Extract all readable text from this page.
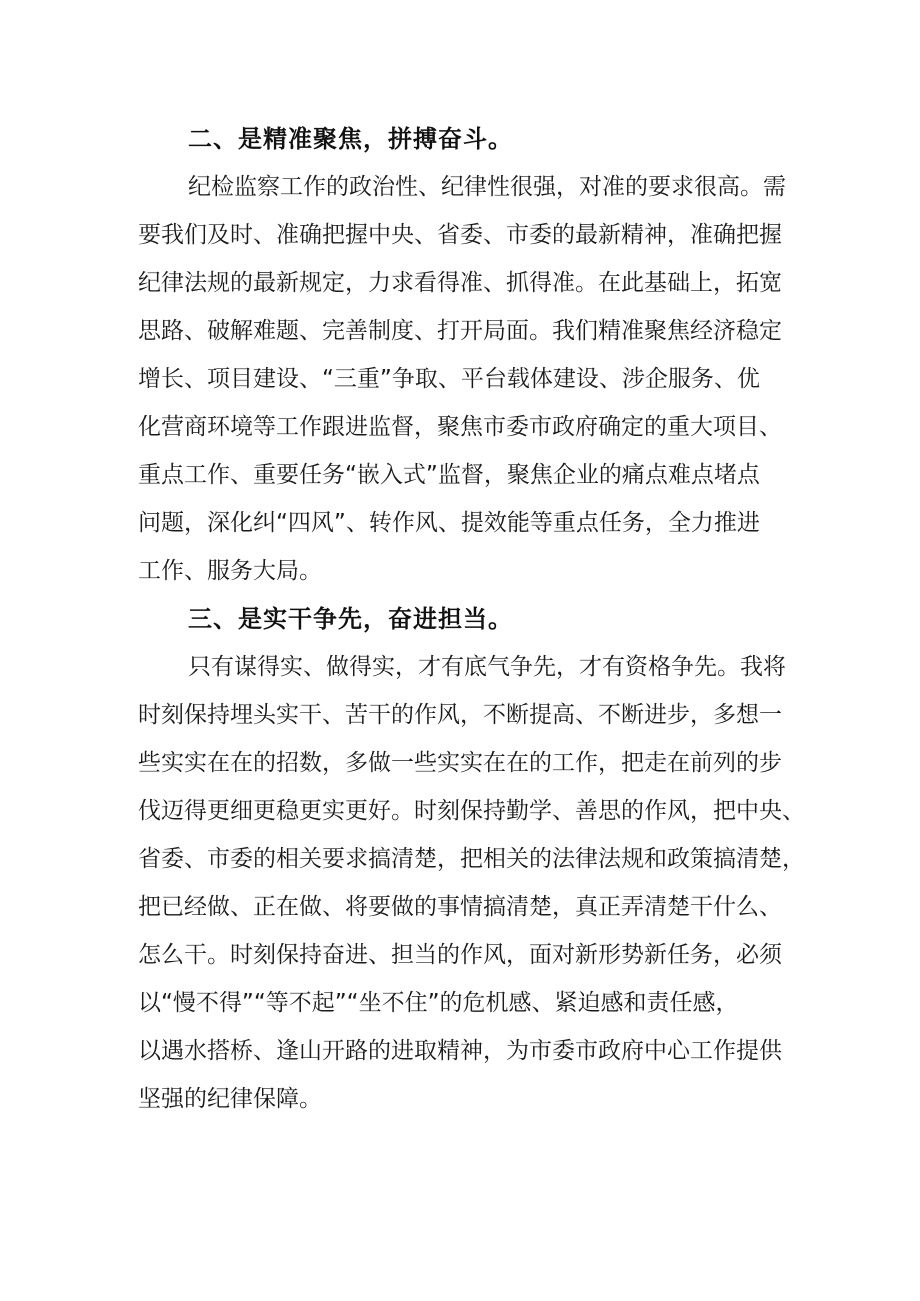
二、是精准聚焦，拼搏奋斗。
纪检监察工作的政治性、纪律性很强，对准的要求很高。需
要我们及时、准确把握中央、省委、市委的最新精神，准确把握
纪律法规的最新规定，力求看得准、抓得准。在此基础上，拓宽
思路、破解难题、完善制度、打开局面。我们精准聚焦经济稳定
增长、项目建设、“三重”争取、平台载体建设、涉企服务、优
化营商环境等工作跟进监督，聚焦市委市政府确定的重大项目、
重点工作、重要任务“嵌入式”监督，聚焦企业的痛点难点堵点
问题，深化纠“四风”、转作风、提效能等重点任务，全力推进
工作、服务大局。
三、是实干争先，奋进担当。
只有谋得实、做得实，才有底气争先，才有资格争先。我将
时刻保持埋头实干、苦干的作风，不断提高、不断进步，多想一
些实实在在的招数，多做一些实实在在的工作，把走在前列的步
伐迈得更细更稳更实更好。时刻保持勤学、善思的作风，把中央、
省委、市委的相关要求搞清楚，把相关的法律法规和政策搞清楚，
把已经做、正在做、将要做的事情搞清楚，真正弄清楚干什么、
怎么干。时刻保持奋进、担当的作风，面对新形势新任务，必须
以“慢不得”“等不起”“坐不住”的危机感、紧迫感和责任感，
以遇水搭桥、逢山开路的进取精神，为市委市政府中心工作提供
坚强的纪律保障。
